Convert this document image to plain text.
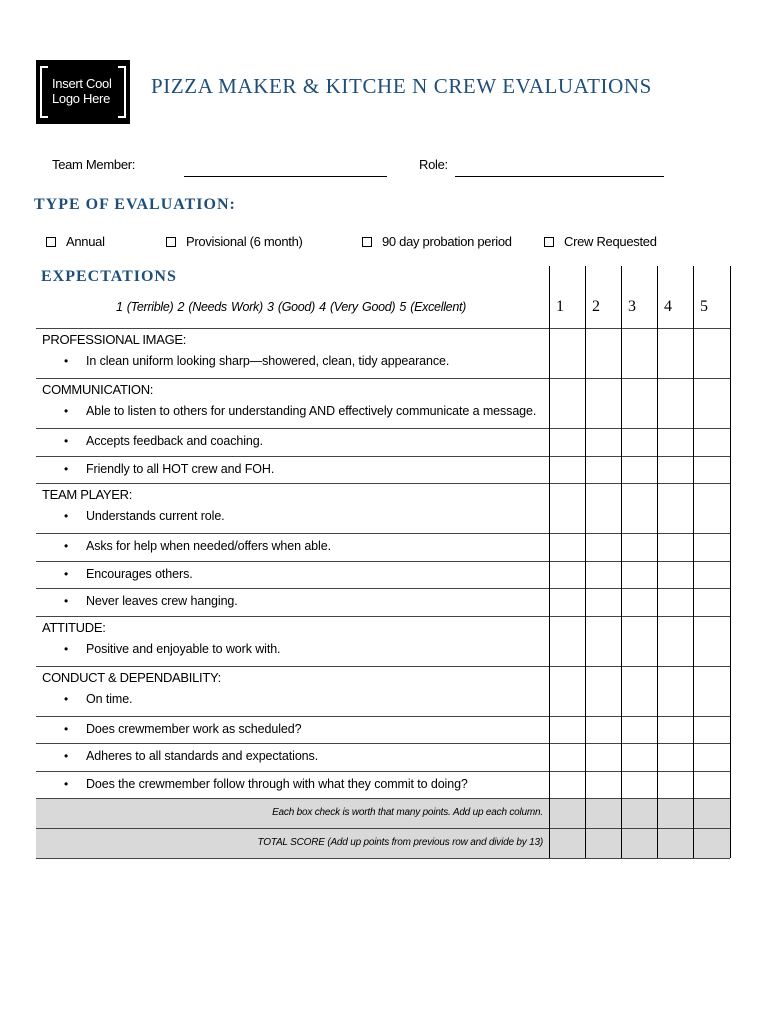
Insert Cool
Logo Here
PIZZA MAKER & KITCHE N CREW EVALUATIONS
Team Member:	Role:
TYPE OF EVALUATION:
Annual	Provisional (6 month)	90 day probation period	Crew Requested
EXPECTATIONS
1 (Terrible) 2 (Needs Work) 3 (Good) 4 (Very Good) 5 (Excellent)	1	2	3	4	5
PROFESSIONAL IMAGE:
• In clean uniform looking sharp—showered, clean, tidy appearance.
COMMUNICATION:
• Able to listen to others for understanding AND effectively communicate a message.
• Accepts feedback and coaching.
• Friendly to all HOT crew and FOH.
TEAM PLAYER:
• Understands current role.
• Asks for help when needed/offers when able.
• Encourages others.
• Never leaves crew hanging.
ATTITUDE:
• Positive and enjoyable to work with.
CONDUCT & DEPENDABILITY:
• On time.
• Does crewmember work as scheduled?
• Adheres to all standards and expectations.
• Does the crewmember follow through with what they commit to doing?
Each box check is worth that many points. Add up each column.
TOTAL SCORE (Add up points from previous row and divide by 13)
